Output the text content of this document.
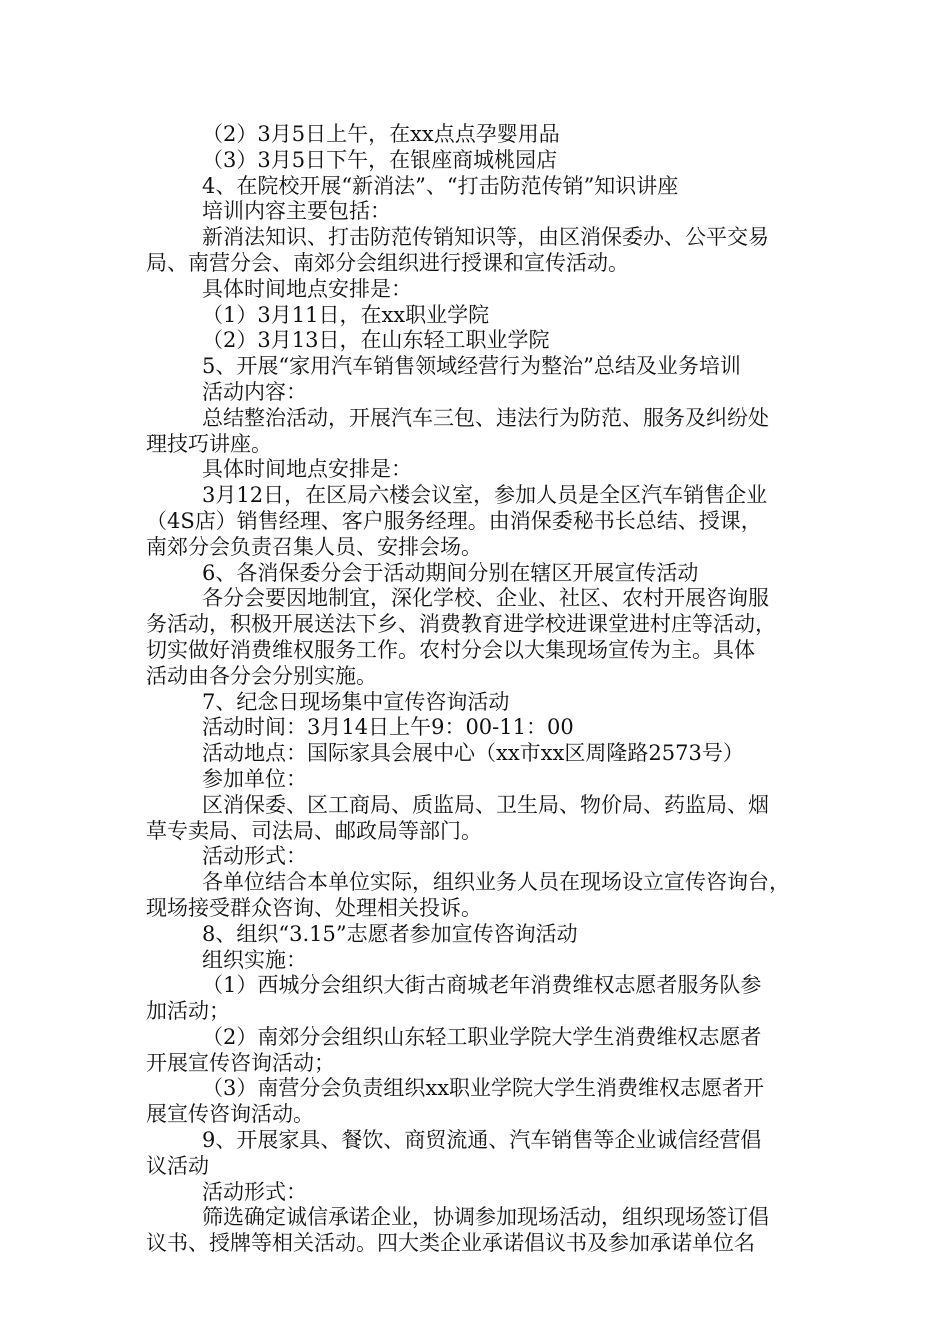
（2）3月5日上午，在xx点点孕婴用品

（3）3月5日下午，在银座商城桃园店

4、在院校开展“新消法”、“打击防范传销”知识讲座

培训内容主要包括：

新消法知识、打击防范传销知识等，由区消保委办、公平交易

局、南营分会、南郊分会组织进行授课和宣传活动。

具体时间地点安排是：

（1）3月11日，在xx职业学院

（2）3月13日，在山东轻工职业学院

5、开展“家用汽车销售领域经营行为整治”总结及业务培训

活动内容：

总结整治活动，开展汽车三包、违法行为防范、服务及纠纷处

理技巧讲座。

具体时间地点安排是：

3月12日，在区局六楼会议室，参加人员是全区汽车销售企业

（4S店）销售经理、客户服务经理。由消保委秘书长总结、授课，

南郊分会负责召集人员、安排会场。

6、各消保委分会于活动期间分别在辖区开展宣传活动

各分会要因地制宜，深化学校、企业、社区、农村开展咨询服

务活动，积极开展送法下乡、消费教育进学校进课堂进村庄等活动，

切实做好消费维权服务工作。农村分会以大集现场宣传为主。具体

活动由各分会分别实施。

7、纪念日现场集中宣传咨询活动

活动时间：3月14日上午9：00-11：00

活动地点：国际家具会展中心（xx市xx区周隆路2573号）

参加单位：

区消保委、区工商局、质监局、卫生局、物价局、药监局、烟

草专卖局、司法局、邮政局等部门。

活动形式：

各单位结合本单位实际，组织业务人员在现场设立宣传咨询台，

现场接受群众咨询、处理相关投诉。

8、组织“3.15”志愿者参加宣传咨询活动

组织实施：

（1）西城分会组织大街古商城老年消费维权志愿者服务队参

加活动；

（2）南郊分会组织山东轻工职业学院大学生消费维权志愿者

开展宣传咨询活动；

（3）南营分会负责组织xx职业学院大学生消费维权志愿者开

展宣传咨询活动。

9、开展家具、餐饮、商贸流通、汽车销售等企业诚信经营倡

议活动

活动形式：

筛选确定诚信承诺企业，协调参加现场活动，组织现场签订倡

议书、授牌等相关活动。四大类企业承诺倡议书及参加承诺单位名
